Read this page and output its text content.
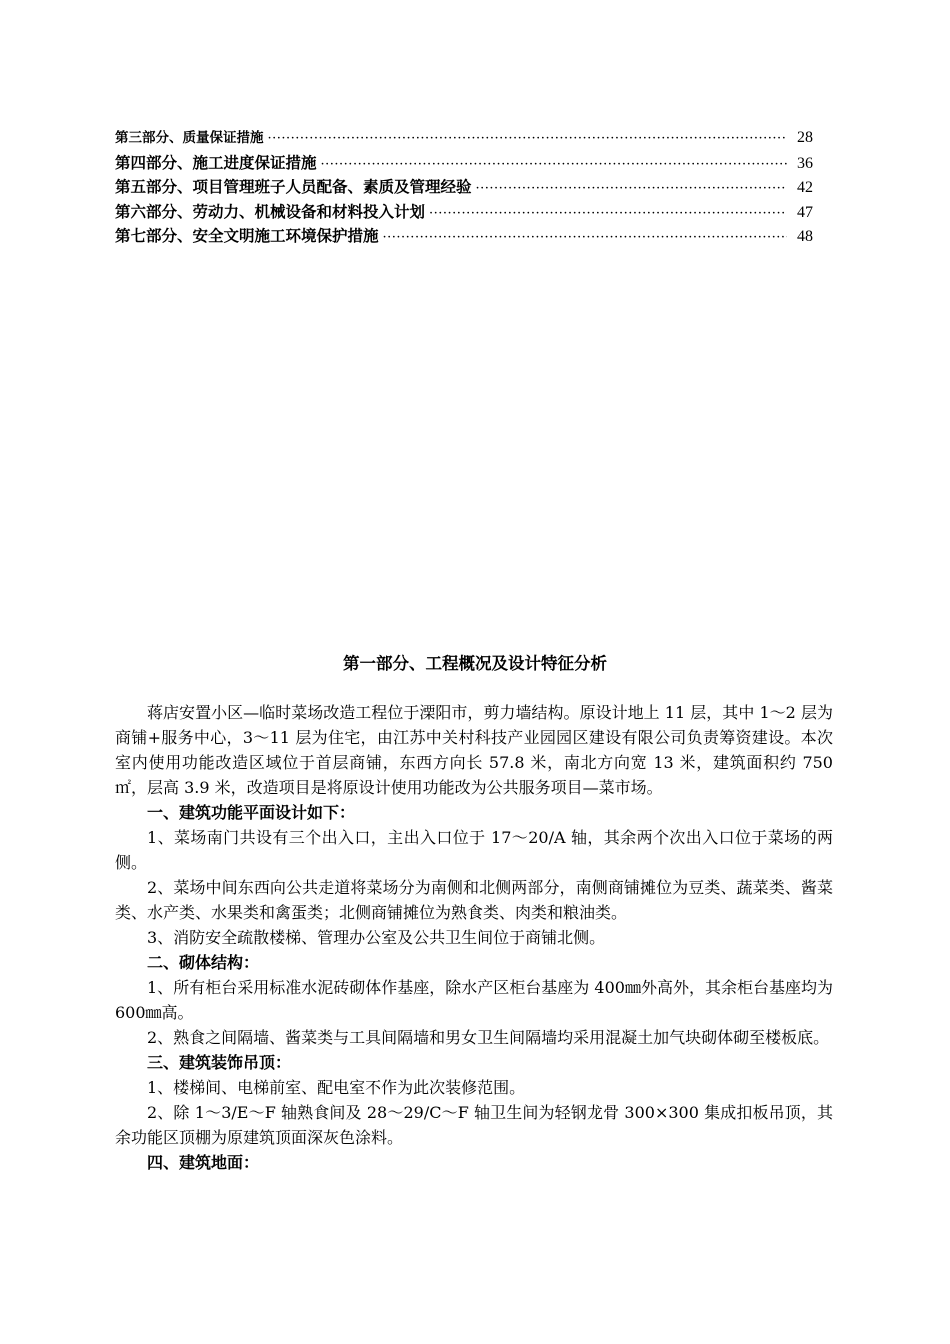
第三部分、质量保证措施 ·····	28
第四部分、施工进度保证措施 ·····	36
第五部分、项目管理班子人员配备、素质及管理经验 ·····	42
第六部分、劳动力、机械设备和材料投入计划 ·····	47
第七部分、安全文明施工环境保护措施 ·····	48
第一部分、工程概况及设计特征分析

蒋店安置小区—临时菜场改造工程位于溧阳市，剪力墙结构。原设计地上 11 层，其中 1～2 层为商铺+服务中心，3～11 层为住宅，由江苏中关村科技产业园园区建设有限公司负责筹资建设。本次室内使用功能改造区域位于首层商铺，东西方向长 57.8 米，南北方向宽 13 米，建筑面积约 750㎡，层高 3.9 米，改造项目是将原设计使用功能改为公共服务项目—菜市场。

一、建筑功能平面设计如下：

1、菜场南门共设有三个出入口，主出入口位于 17～20/A 轴，其余两个次出入口位于菜场的两侧。

2、菜场中间东西向公共走道将菜场分为南侧和北侧两部分，南侧商铺摊位为豆类、蔬菜类、酱菜类、水产类、水果类和禽蛋类；北侧商铺摊位为熟食类、肉类和粮油类。

3、消防安全疏散楼梯、管理办公室及公共卫生间位于商铺北侧。

二、砌体结构：

1、所有柜台采用标准水泥砖砌体作基座，除水产区柜台基座为 400㎜外高外，其余柜台基座均为 600㎜高。

2、熟食之间隔墙、酱菜类与工具间隔墙和男女卫生间隔墙均采用混凝土加气块砌体砌至楼板底。

三、建筑装饰吊顶：

1、楼梯间、电梯前室、配电室不作为此次装修范围。

2、除 1～3/E～F 轴熟食间及 28～29/C～F 轴卫生间为轻钢龙骨 300×300 集成扣板吊顶，其余功能区顶棚为原建筑顶面深灰色涂料。

四、建筑地面：
